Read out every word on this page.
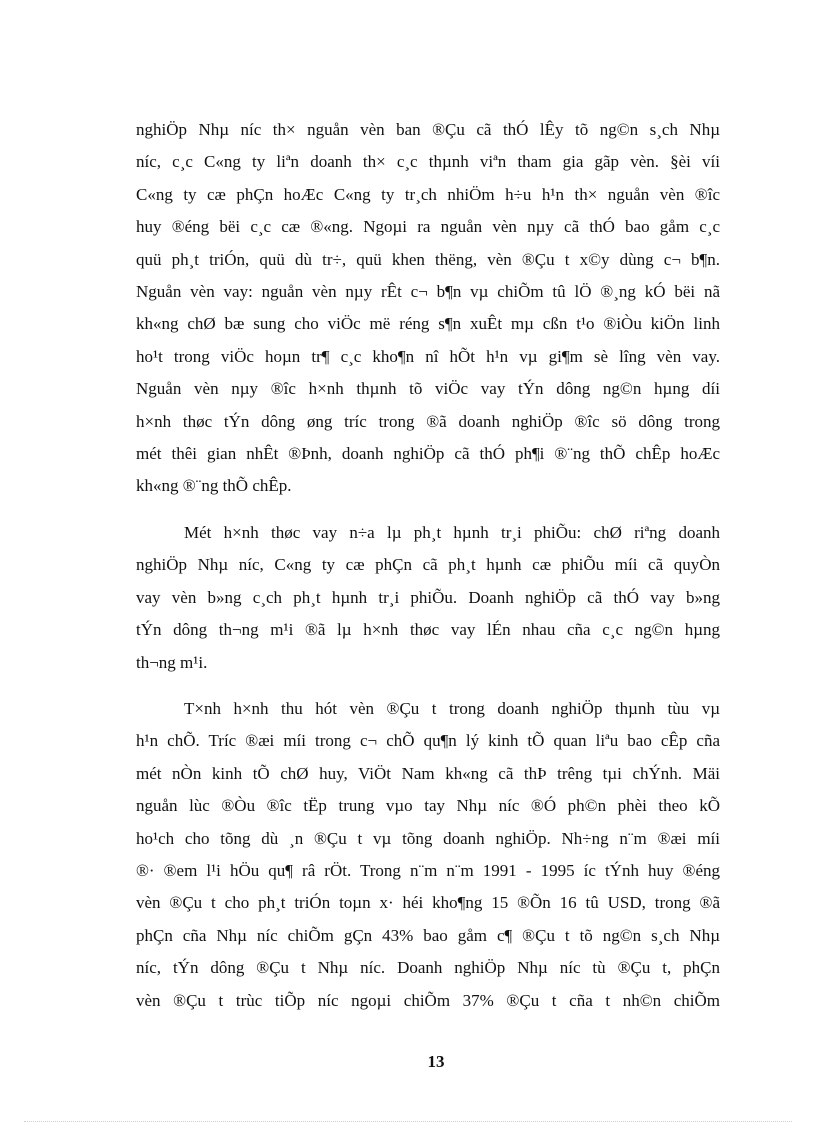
nghiÖp Nhµ níc th× nguån vèn ban ®Çu cã thÓ lÊy tõ ng©n s¸ch Nhµ
níc, c¸c C«ng ty liªn doanh th× c¸c thµnh viªn tham gia gãp vèn. §èi víi
C«ng ty cæ phÇn hoÆc C«ng ty tr¸ch nhiÖm h÷u h¹n th× nguån vèn ®îc
huy ®éng bëi c¸c cæ ®«ng. Ngoµi ra nguån vèn nµy cã thÓ bao gåm c¸c
quü ph¸t triÓn, quü dù tr÷, quü khen thëng, vèn ®Çu t x©y dùng c¬ b¶n.
Nguån vèn vay: nguån vèn nµy rÊt c¬ b¶n vµ chiÕm tû lÖ ®¸ng kÓ bëi nã
kh«ng chØ bæ sung cho viÖc më réng s¶n xuÊt mµ cßn t¹o ®iÒu kiÖn linh
ho¹t trong viÖc hoµn tr¶ c¸c kho¶n nî hÕt h¹n vµ gi¶m sè lîng vèn vay.
Nguån vèn nµy ®îc h×nh thµnh tõ viÖc vay tÝn dông ng©n hµng díi
h×nh thøc tÝn dông øng tríc trong ®ã doanh nghiÖp ®îc sö dông trong
mét thêi gian nhÊt ®Þnh, doanh nghiÖp cã thÓ ph¶i ®¨ng thÕ chÊp hoÆc
kh«ng ®¨ng thÕ chÊp.

Mét h×nh thøc vay n÷a lµ ph¸t hµnh tr¸i phiÕu: chØ riªng doanh
nghiÖp Nhµ níc, C«ng ty cæ phÇn cã ph¸t hµnh cæ phiÕu míi cã quyÒn
vay vèn b»ng c¸ch ph¸t hµnh tr¸i phiÕu. Doanh nghiÖp cã thÓ vay b»ng
tÝn dông th¬ng m¹i ®ã lµ h×nh thøc vay lÉn nhau cña c¸c ng©n hµng
th¬ng m¹i.

T×nh h×nh thu hót vèn ®Çu t trong doanh nghiÖp thµnh tùu vµ
h¹n chÕ. Tríc ®æi míi trong c¬ chÕ qu¶n lý kinh tÕ quan liªu bao cÊp cña
mét nÒn kinh tÕ chØ huy, ViÖt Nam kh«ng cã thÞ trêng tµi chÝnh. Mäi
nguån lùc ®Òu ®îc tËp trung vµo tay Nhµ níc ®Ó ph©n phèi theo kÕ
ho¹ch cho tõng dù ¸n ®Çu t vµ tõng doanh nghiÖp. Nh÷ng n¨m ®æi míi
®· ®em l¹i hÖu qu¶ râ rÖt. Trong n¨m n¨m 1991 - 1995 íc tÝnh huy ®éng
vèn ®Çu t cho ph¸t triÓn toµn x· héi kho¶ng 15 ®Õn 16 tû USD, trong ®ã
phÇn cña Nhµ níc chiÕm gÇn 43% bao gåm c¶ ®Çu t tõ ng©n s¸ch Nhµ
níc, tÝn dông ®Çu t Nhµ níc. Doanh nghiÖp Nhµ níc tù ®Çu t, phÇn
vèn ®Çu t trùc tiÕp níc ngoµi chiÕm 37% ®Çu t cña t nh©n chiÕm

13
